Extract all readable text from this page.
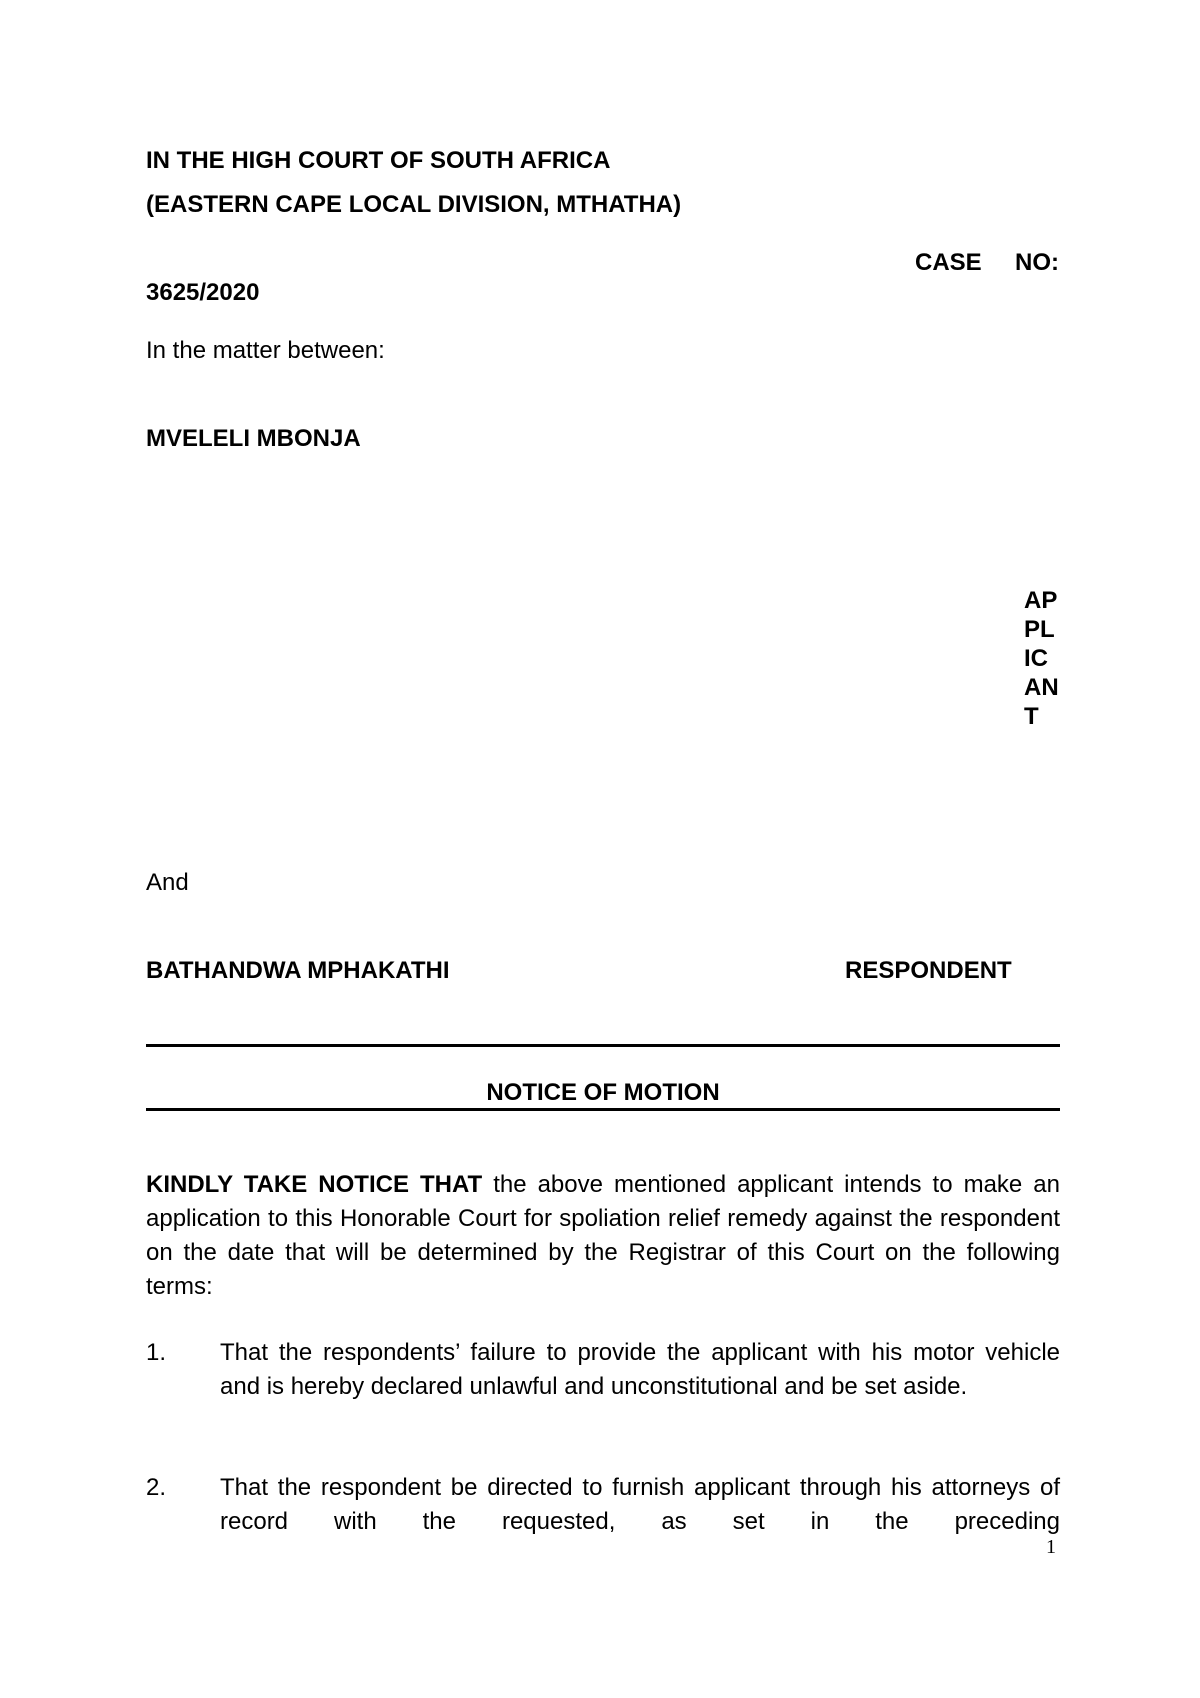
IN THE HIGH COURT OF SOUTH AFRICA
(EASTERN CAPE LOCAL DIVISION, MTHATHA)
CASE NO:
3625/2020
In the matter between:
MVELELI MBONJA
AP
PL
IC
AN
T
And
BATHANDWA MPHAKATHI	RESPONDENT
NOTICE OF MOTION
KINDLY TAKE NOTICE THAT the above mentioned applicant intends to make an application to this Honorable Court for spoliation relief remedy against the respondent on the date that will be determined by the Registrar of this Court on the following terms:
1. That the respondents’ failure to provide the applicant with his motor vehicle and is hereby declared unlawful and unconstitutional and be set aside.
2. That the respondent be directed to furnish applicant through his attorneys of record with the requested, as set in the preceding
1
